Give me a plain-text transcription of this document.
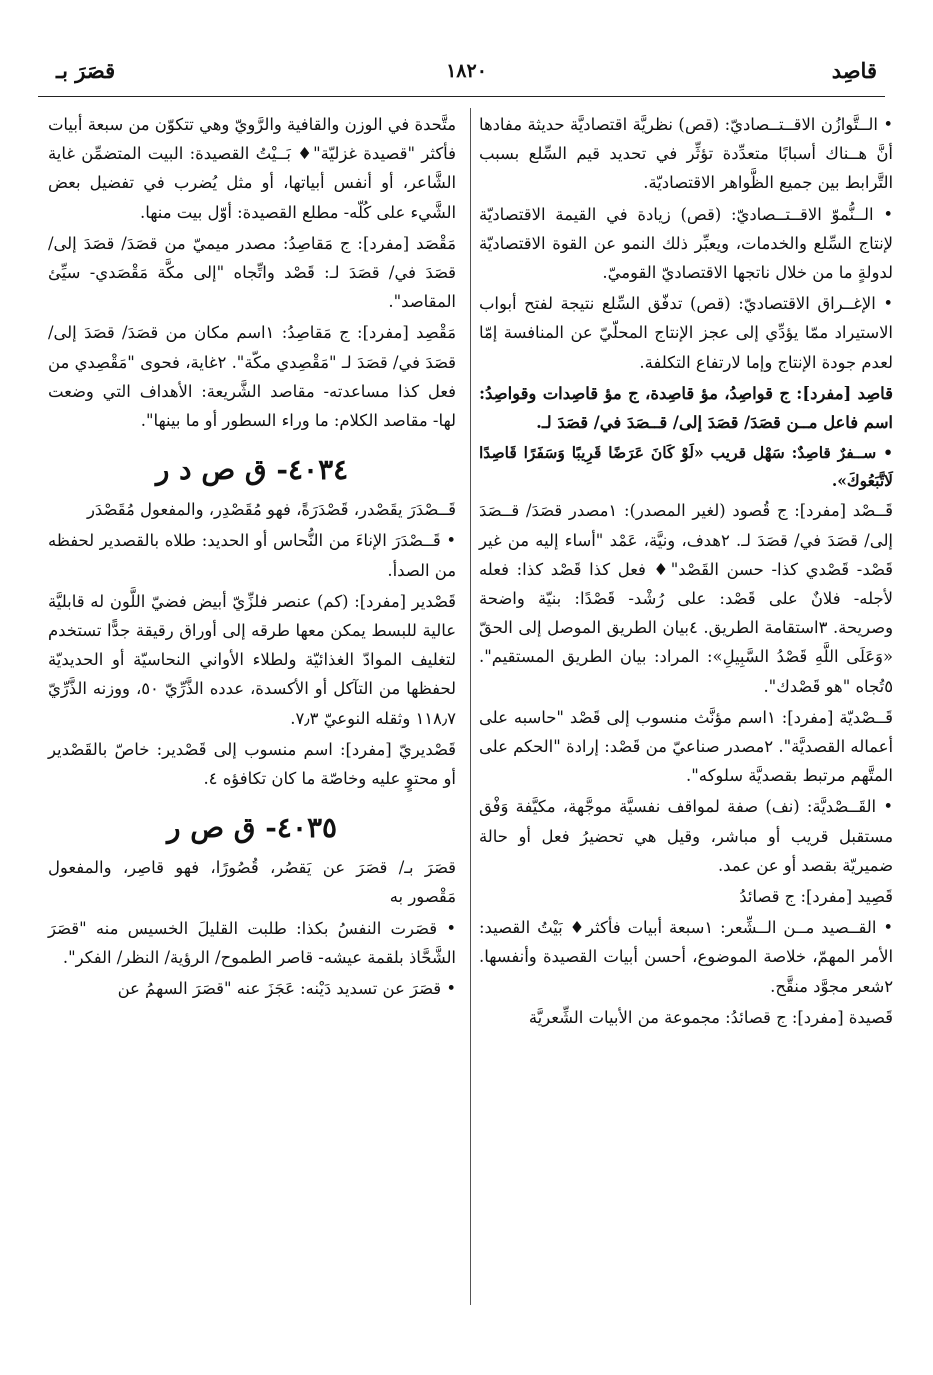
قاصِد
١٨٢٠
قصَرَ بـ

• الــتَّوازُن الاقــتــصاديّ: (قص) نظريَّة اقتصاديَّة حديثة مفادها أنَّ هــناك أسبابًا متعدِّدة تؤثِّر في تحديد قيم السِّلع بسبب التَّرابط بين جميع الظَّواهر الاقتصاديّة.

• الــنُّموّ الاقــتــصاديّ: (قص) زيادة في القيمة الاقتصاديّة لإنتاج السِّلع والخدمات، ويعبِّر ذلك النمو عن القوة الاقتصاديّة لدولةٍ ما من خلال ناتجها الاقتصاديّ القوميّ.

• الإغــراق الاقتصاديّ: (قص) تدفّق السِّلع نتيجة لفتح أبواب الاستيراد ممّا يؤدِّي إلى عجز الإنتاج المحلّيّ عن المنافسة إمّا لعدم جودة الإنتاج وإما لارتفاع التكلفة.

قاصِد [مفرد]: ج قواصِدُ، مؤ قاصِدة، ج مؤ قاصِدات وقواصِدُ: اسم فاعل مــن قصَدَ/ قصَدَ إلى/ قــصَدَ في/ قصَدَ لـ.

• ســفرٌ قاصِدٌ: سَهْل قريب «لَوْ كَانَ عَرَضًا قَرِيبًا وَسَفَرًا قَاصِدًا لَاتَّبَعُوكَ».

قَــصْد [مفرد]: ج قُصود (لغير المصدر): ١مصدر قصَدَ/ قــصَدَ إلى/ قصَدَ في/ قصَدَ لـ. ٢هدف، ونيَّة، عَمْد "أساء إليه من غير قَصْد- قَصْدي كذا- حسن القَصْد"♦ فعل كذا قَصْد كذا: فعله لأجله- فلانٌ على قَصْد: على رُشْد- قَصْدًا: بنيّة واضحة وصريحة. ٣استقامة الطريق. ٤بيان الطريق الموصل إلى الحقّ «وَعَلَى اللَّهِ قَصْدُ السَّبِيلِ»: المراد: بيان الطريق المستقيم". ٥تُجاه "هو قَصْدك".

قَــصْديّة [مفرد]: ١اسم مؤنَّث منسوب إلى قَصْد "حاسبه على أعماله القصديَّة". ٢مصدر صناعيّ من قَصْد: إرادة "الحكم على المتَّهم مرتبط بقصديَّة سلوكه".

• القَــصْديَّة: (نف) صفة لمواقف نفسيَّة موجَّهة، مكيَّفة وَفْق مستقبل قريب أو مباشر، وقيل هي تحضيرُ فعل أو حالة ضميريّة بقصد أو عن عمد.

قَصِيد [مفرد]: ج قصائدُ

• القــصيد مــن الــشِّعر: ١سبعة أبيات فأكثر♦ بَيْتُ القصيد: الأمر المهمّ، خلاصة الموضوع، أحسن أبيات القصيدة وأنفسها. ٢شعر مجوَّد منقَّح.

قَصيدة [مفرد]: ج قصائدُ: مجموعة من الأبيات الشِّعريَّة

متَّحدة في الوزن والقافية والرَّويّ وهي تتكوّن من سبعة أبيات فأكثر "قصيدة غزليّة"♦ بَــيْتُ القصيدة: البيت المتضمِّن غاية الشَّاعر، أو أنفس أبياتها، أو مثل يُضرب في تفضيل بعض الشَّيء على كُلّه- مطلع القصيدة: أوّل بيت منها.

مَقْصَد [مفرد]: ج مَقاصِدُ: مصدر ميميّ من قصَدَ/ قصَدَ إلى/ قصَدَ في/ قصَدَ لـ: قَصْد واتِّجاه "إلى مكَّة مَقْصَدي- سيِّئ المقاصد".

مَقْصِد [مفرد]: ج مَقاصِدُ: ١اسم مكان من قصَدَ/ قصَدَ إلى/ قصَدَ في/ قصَدَ لـ "مَقْصِدي مكّة". ٢غاية، فحوى "مَقْصِدي من فعل كذا مساعدته- مقاصد الشَّريعة: الأهداف التي وضعت لها- مقاصد الكلام: ما وراء السطور أو ما بينها".

٤٠٣٤- ق ص د ر

قَــصْدَرَ يقَصْدر، قَصْدَرَةً، فهو مُقَصْدِر، والمفعول مُقَصْدَر

• قَــصْدَرَ الإناءَ من النُّحاس أو الحديد: طلاه بالقصدير لحفظه من الصدأ.

قَصْدير [مفرد]: (كم) عنصر فلزِّيّ أبيض فضيّ اللَّون له قابليَّة عالية للبسط يمكن معها طرقه إلى أوراق رقيقة جدًّا تستخدم لتغليف الموادّ الغذائيّة ولطلاء الأواني النحاسيّة أو الحديديّة لحفظها من التآكل أو الأكسدة، عدده الذَّرِّيّ ٥٠، ووزنه الذَّرِّيّ ١١٨٫٧ وثقله النوعيّ ٧٫٣.

قَصْديريّ [مفرد]: اسم منسوب إلى قَصْدير: خاصّ بالقَصْدير أو محتوٍ عليه وخاصّة ما كان تكافؤه ٤.

٤٠٣٥- ق ص ر

قصَرَ بـ/ قصَرَ عن يَقصُر، قُصُورًا، فهو قاصِر، والمفعول مَقْصور به

• قصَرت النفسُ بكذا: طلبت القليلَ الخسيس منه "قصَرَ الشَّحَّاذ بلقمة عيشه- قاصر الطموح/ الرؤية/ النظر/ الفكر".

• قصَرَ عن تسديد دَيْنه: عَجَزَ عنه "قصَرَ السهمُ عن
